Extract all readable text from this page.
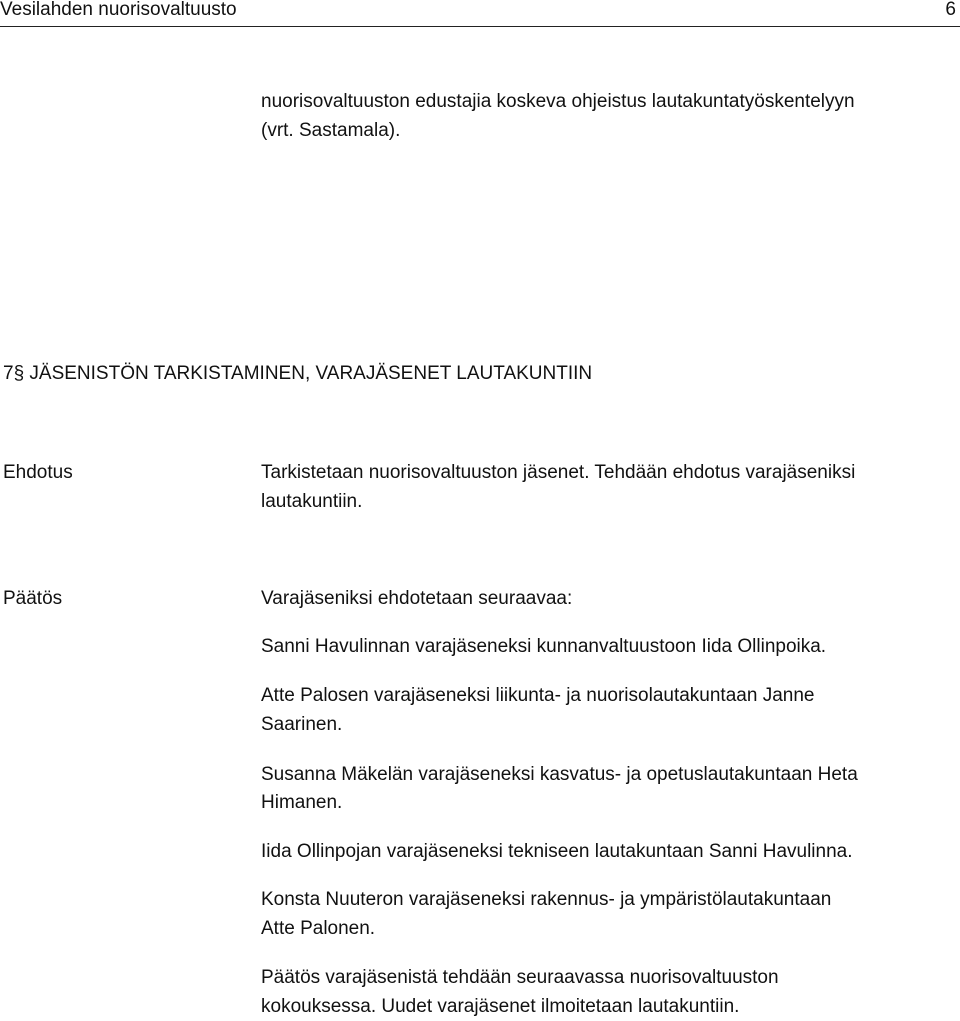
Vesilahden nuorisovaltuusto	6
nuorisovaltuuston edustajia koskeva ohjeistus lautakuntatyöskentelyyn
(vrt. Sastamala).
7§ JÄSENISTÖN TARKISTAMINEN, VARAJÄSENET LAUTAKUNTIIN
Ehdotus	Tarkistetaan nuorisovaltuuston jäsenet. Tehdään ehdotus varajäseniksi
lautakuntiin.
Päätös	Varajäseniksi ehdotetaan seuraavaa:
Sanni Havulinnan varajäseneksi kunnanvaltuustoon Iida Ollinpoika.
Atte Palosen varajäseneksi liikunta- ja nuorisolautakuntaan Janne
Saarinen.
Susanna Mäkelän varajäseneksi kasvatus- ja opetuslautakuntaan Heta
Himanen.
Iida Ollinpojan varajäseneksi tekniseen lautakuntaan Sanni Havulinna.
Konsta Nuuteron varajäseneksi rakennus- ja ympäristölautakuntaan
Atte Palonen.
Päätös varajäsenistä tehdään seuraavassa nuorisovaltuuston
kokouksessa. Uudet varajäsenet ilmoitetaan lautakuntiin.
